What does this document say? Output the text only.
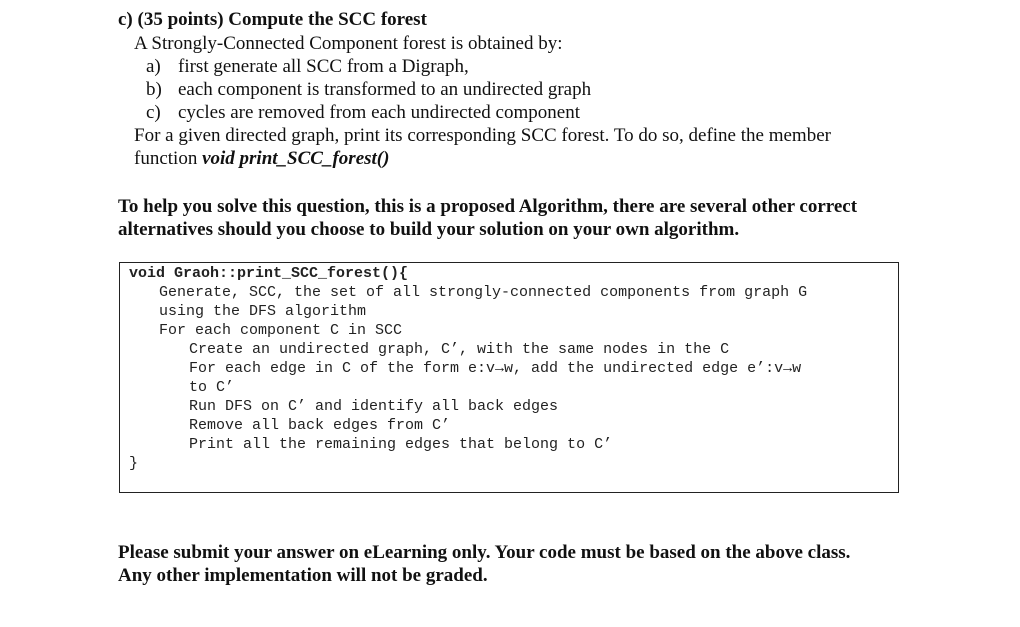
c) (35 points) Compute the SCC forest
A Strongly-Connected Component forest is obtained by:
a) first generate all SCC from a Digraph,
b) each component is transformed to an undirected graph
c) cycles are removed from each undirected component
For a given directed graph, print its corresponding SCC forest. To do so, define the member
function void print_SCC_forest()
To help you solve this question, this is a proposed Algorithm, there are several other correct
alternatives should you choose to build your solution on your own algorithm.
void Graoh::print_SCC_forest(){
Generate, SCC, the set of all strongly-connected components from graph G
using the DFS algorithm
For each component C in SCC
Create an undirected graph, C’, with the same nodes in the C
For each edge in C of the form e:v→w, add the undirected edge e’:v→w
to C’
Run DFS on C’ and identify all back edges
Remove all back edges from C’
Print all the remaining edges that belong to C’
}
Please submit your answer on eLearning only. Your code must be based on the above class.
Any other implementation will not be graded.
